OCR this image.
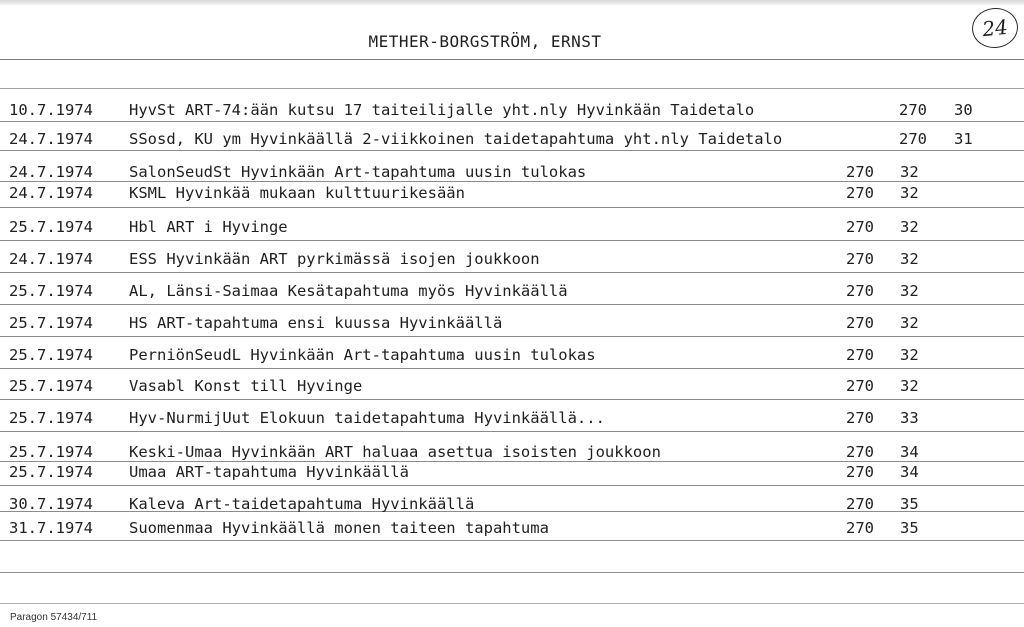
METHER-BORGSTRÖM, ERNST
24
10.7.1974 HyvSt ART-74:ään kutsu 17 taiteilijalle yht.nly Hyvinkään Taidetalo	270 30
24.7.1974 SSosd, KU ym Hyvinkäällä 2-viikkoinen taidetapahtuma yht.nly Taidetalo	270 31
24.7.1974 SalonSeudSt Hyvinkään Art-tapahtuma uusin tulokas	270 32
24.7.1974 KSML Hyvinkää mukaan kulttuurikesään	270 32
25.7.1974 Hbl ART i Hyvinge	270 32
24.7.1974 ESS Hyvinkään ART pyrkimässä isojen joukkoon	270 32
25.7.1974 AL, Länsi-Saimaa Kesätapahtuma myös Hyvinkäällä	270 32
25.7.1974 HS ART-tapahtuma ensi kuussa Hyvinkäällä	270 32
25.7.1974 PerniönSeudL Hyvinkään Art-tapahtuma uusin tulokas	270 32
25.7.1974 Vasabl Konst till Hyvinge	270 32
25.7.1974 Hyv-NurmijUut Elokuun taidetapahtuma Hyvinkäällä...	270 33
25.7.1974 Keski-Umaa Hyvinkään ART haluaa asettua isoisten joukkoon	270 34
25.7.1974 Umaa ART-tapahtuma Hyvinkäällä	270 34
30.7.1974 Kaleva Art-taidetapahtuma Hyvinkäällä	270 35
31.7.1974 Suomenmaa Hyvinkäällä monen taiteen tapahtuma	270 35
Paragon 57434/711
